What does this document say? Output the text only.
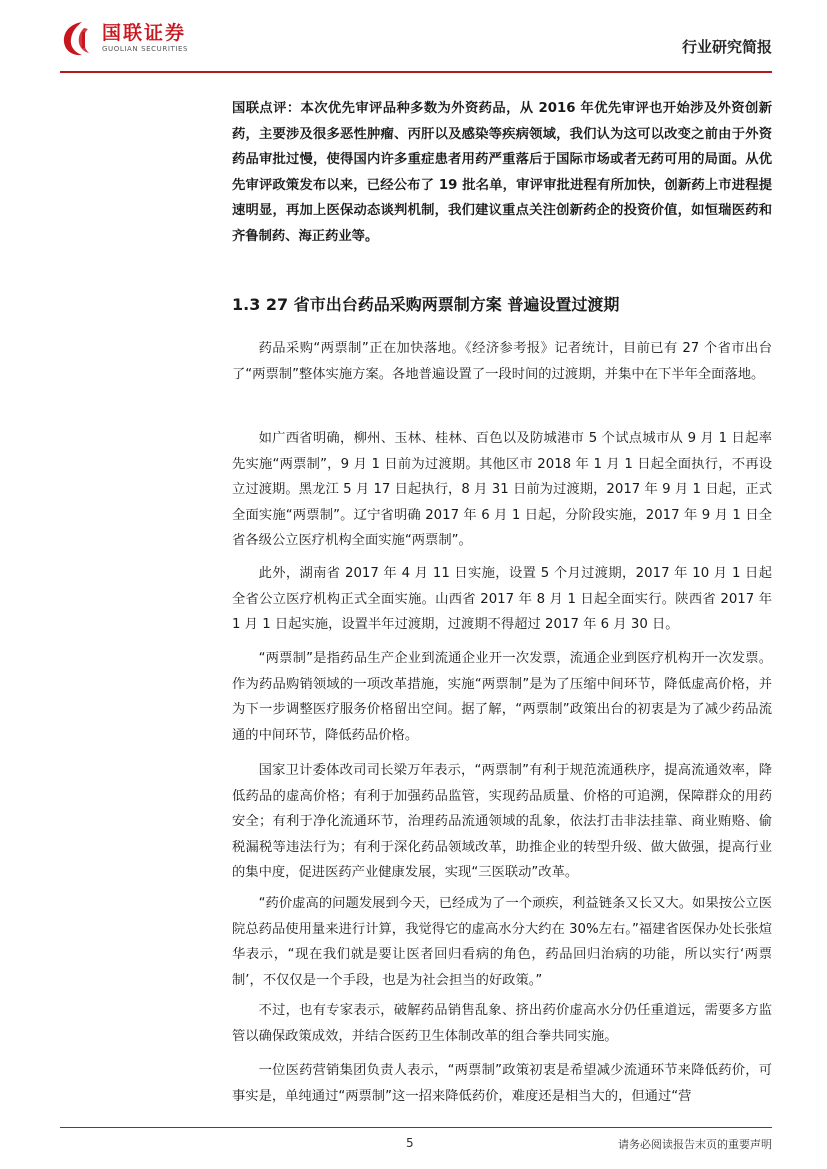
国联证券
GUOLIAN SECURITIES	行业研究简报
国联点评：本次优先审评品种多数为外资药品，从 2016 年优先审评也开始涉及外资创新药，主要涉及很多恶性肿瘤、丙肝以及感染等疾病领域，我们认为这可以改变之前由于外资药品审批过慢，使得国内许多重症患者用药严重落后于国际市场或者无药可用的局面。从优先审评政策发布以来，已经公布了 19 批名单，审评审批进程有所加快，创新药上市进程提速明显，再加上医保动态谈判机制，我们建议重点关注创新药企的投资价值，如恒瑞医药和齐鲁制药、海正药业等。
药品采购“两票制”正在加快落地。《经济参考报》记者统计，目前已有 27 个省市出台了“两票制”整体实施方案。各地普遍设置了一段时间的过渡期，并集中在下半年全面落地。
如广西省明确，柳州、玉林、桂林、百色以及防城港市 5 个试点城市从 9 月 1 日起率先实施“两票制”，9 月 1 日前为过渡期。其他区市 2018 年 1 月 1 日起全面执行，不再设立过渡期。黑龙江 5 月 17 日起执行，8 月 31 日前为过渡期，2017 年 9 月 1 日起，正式全面实施“两票制”。辽宁省明确 2017 年 6 月 1 日起，分阶段实施，2017 年 9 月 1 日全省各级公立医疗机构全面实施“两票制”。
此外，湖南省 2017 年 4 月 11 日实施，设置 5 个月过渡期，2017 年 10 月 1 日起全省公立医疗机构正式全面实施。山西省 2017 年 8 月 1 日起全面实行。陕西省 2017 年 1 月 1 日起实施，设置半年过渡期，过渡期不得超过 2017 年 6 月 30 日。
“两票制”是指药品生产企业到流通企业开一次发票，流通企业到医疗机构开一次发票。作为药品购销领域的一项改革措施，实施“两票制”是为了压缩中间环节，降低虚高价格，并为下一步调整医疗服务价格留出空间。据了解，“两票制”政策出台的初衷是为了减少药品流通的中间环节，降低药品价格。
国家卫计委体改司司长梁万年表示，“两票制”有利于规范流通秩序，提高流通效率，降低药品的虚高价格；有利于加强药品监管，实现药品质量、价格的可追溯，保障群众的用药安全；有利于净化流通环节，治理药品流通领域的乱象，依法打击非法挂靠、商业贿赂、偷税漏税等违法行为；有利于深化药品领域改革，助推企业的转型升级、做大做强，提高行业的集中度，促进医药产业健康发展，实现“三医联动”改革。
“药价虚高的问题发展到今天，已经成为了一个顽疾，利益链条又长又大。如果按公立医院总药品使用量来进行计算，我觉得它的虚高水分大约在 30%左右。”福建省医保办处长张煊华表示，“现在我们就是要让医者回归看病的角色，药品回归治病的功能，所以实行‘两票制’，不仅仅是一个手段，也是为社会担当的好政策。”
不过，也有专家表示，破解药品销售乱象、挤出药价虚高水分仍任重道远，需要多方监管以确保政策成效，并结合医药卫生体制改革的组合拳共同实施。
一位医药营销集团负责人表示，“两票制”政策初衷是希望减少流通环节来降低药价，可事实是，单纯通过“两票制”这一招来降低药价，难度还是相当大的，但通过“营
1.3 27 省市出台药品采购两票制方案 普遍设置过渡期
5	请务必阅读报告末页的重要声明
